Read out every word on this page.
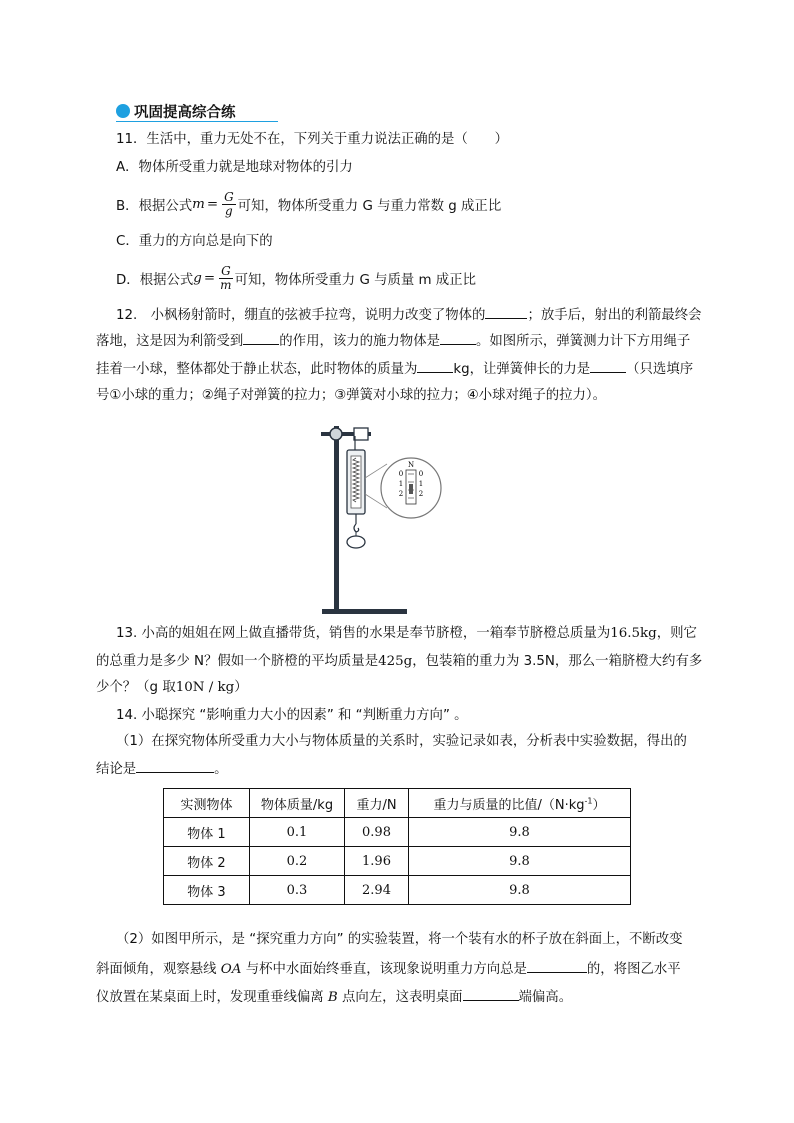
巩固提高综合练
11．生活中，重力无处不在，下列关于重力说法正确的是（　　）
A．物体所受重力就是地球对物体的引力
B．根据公式 $m = \frac{G}{g}$ 可知，物体所受重力 G 与重力常数 g 成正比
C．重力的方向总是向下的
D．根据公式 $g = \frac{G}{m}$ 可知，物体所受重力 G 与质量 m 成正比
12.　小枫杨射箭时，绷直的弦被手拉弯，说明力改变了物体的	；放手后，射出的利箭最终会
落地，这是因为利箭受到	的作用，该力的施力物体是	。如图所示，弹簧测力计下方用绳子
挂着一小球，整体都处于静止状态，此时物体的质量为	kg，让弹簧伸长的力是	（只选填序
号①小球的重力；②绳子对弹簧的拉力；③弹簧对小球的拉力；④小球对绳子的拉力）。
N
0
1
2
0
1
2
13. 小高的姐姐在网上做直播带货，销售的水果是奉节脐橙，一箱奉节脐橙总质量为16.5kg，则它
的总重力是多少 N？假如一个脐橙的平均质量是425g，包装箱的重力为 3.5N，那么一箱脐橙大约有多
少个？（g 取10N / kg）
14. 小聪探究 “影响重力大小的因素” 和 “判断重力方向” 。
（1）在探究物体所受重力大小与物体质量的关系时，实验记录如表，分析表中实验数据，得出的
结论是	。
实测物体	物体质量/kg	重力/N	重力与质量的比值$/(N\cdot kg^{-1})$
物体 1	0.1	0.98	9.8
物体 2	0.2	1.96	9.8
物体 3	0.3	2.94	9.8
（2）如图甲所示，是 “探究重力方向” 的实验装置，将一个装有水的杯子放在斜面上，不断改变
斜面倾角，观察悬线 OA 与杯中水面始终垂直，该现象说明重力方向总是	的，将图乙水平
仪放置在某桌面上时，发现重垂线偏离 B 点向左，这表明桌面	端偏高。
